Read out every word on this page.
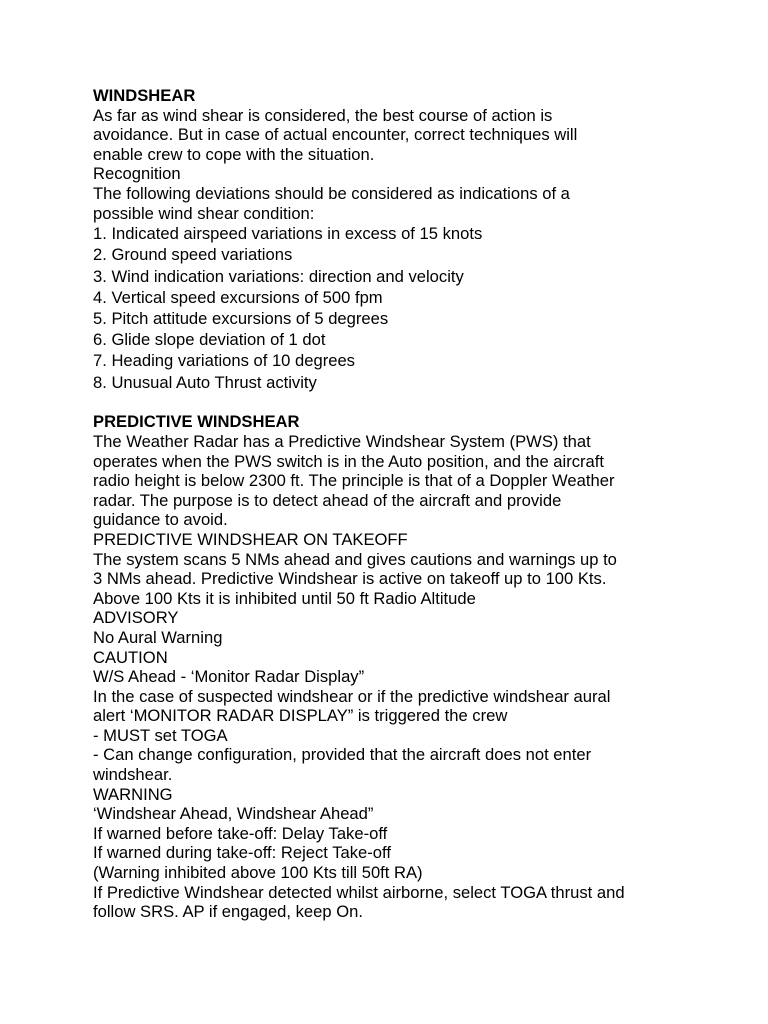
WINDSHEAR
As far as wind shear is considered, the best course of action is
avoidance. But in case of actual encounter, correct techniques will
enable crew to cope with the situation.
Recognition
The following deviations should be considered as indications of a
possible wind shear condition:
1. Indicated airspeed variations in excess of 15 knots
2. Ground speed variations
3. Wind indication variations: direction and velocity
4. Vertical speed excursions of 500 fpm
5. Pitch attitude excursions of 5 degrees
6. Glide slope deviation of 1 dot
7. Heading variations of 10 degrees
8. Unusual Auto Thrust activity
PREDICTIVE WINDSHEAR
The Weather Radar has a Predictive Windshear System (PWS) that
operates when the PWS switch is in the Auto position, and the aircraft
radio height is below 2300 ft. The principle is that of a Doppler Weather
radar. The purpose is to detect ahead of the aircraft and provide
guidance to avoid.
PREDICTIVE WINDSHEAR ON TAKEOFF
The system scans 5 NMs ahead and gives cautions and warnings up to
3 NMs ahead. Predictive Windshear is active on takeoff up to 100 Kts.
Above 100 Kts it is inhibited until 50 ft Radio Altitude
ADVISORY
No Aural Warning
CAUTION
W/S Ahead - ‘Monitor Radar Display”
In the case of suspected windshear or if the predictive windshear aural
alert ‘MONITOR RADAR DISPLAY” is triggered the crew
- MUST set TOGA
- Can change configuration, provided that the aircraft does not enter
windshear.
WARNING
‘Windshear Ahead, Windshear Ahead”
If warned before take-off: Delay Take-off
If warned during take-off: Reject Take-off
(Warning inhibited above 100 Kts till 50ft RA)
If Predictive Windshear detected whilst airborne, select TOGA thrust and
follow SRS. AP if engaged, keep On.
